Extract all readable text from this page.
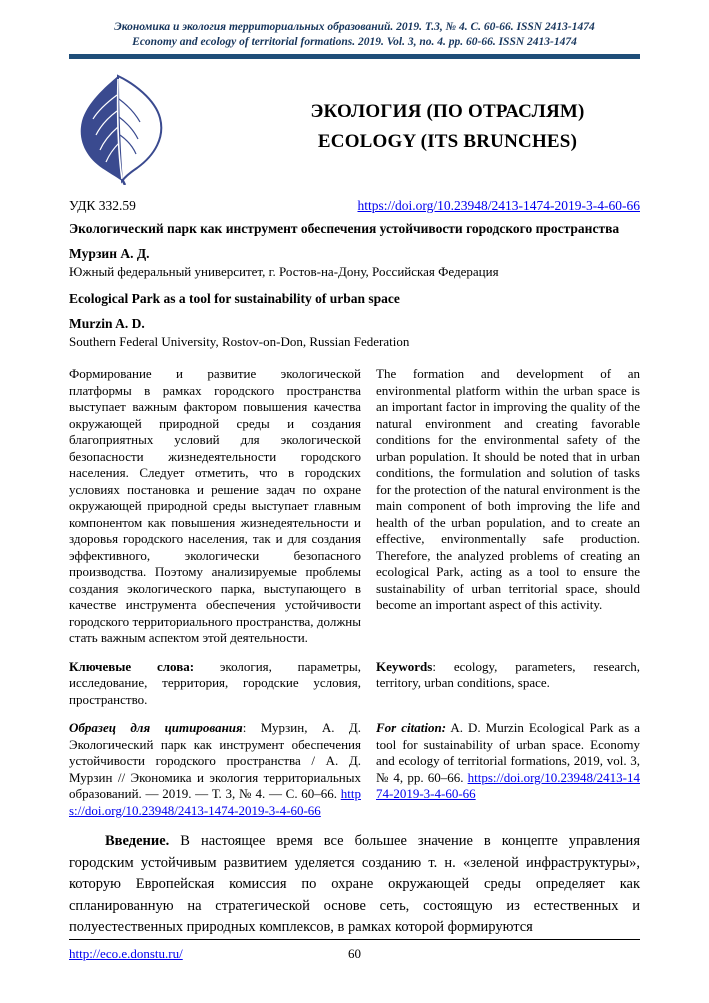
Экономика и экология территориальных образований. 2019. Т.3, № 4. С. 60-66. ISSN 2413-1474
Economy and ecology of territorial formations. 2019. Vol. 3, no. 4. pp. 60-66. ISSN 2413-1474
ЭКОЛОГИЯ (ПО ОТРАСЛЯМ)
ECOLOGY (ITS BRUNCHES)
УДК 332.59	https://doi.org/10.23948/2413-1474-2019-3-4-60-66
Экологический парк как инструмент обеспечения устойчивости городского пространства
Мурзин А. Д.
Южный федеральный университет, г. Ростов-на-Дону, Российская Федерация
Ecological Park as a tool for sustainability of urban space
Murzin A. D.
Southern Federal University, Rostov-on-Don, Russian Federation
Формирование и развитие экологической платформы в рамках городского пространства выступает важным фактором повышения качества окружающей природной среды и создания благоприятных условий для экологической безопасности жизнедеятельности городского населения. Следует отметить, что в городских условиях постановка и решение задач по охране окружающей природной среды выступает главным компонентом как повышения жизнедеятельности и здоровья городского населения, так и для создания эффективного, экологически безопасного производства. Поэтому анализируемые проблемы создания экологического парка, выступающего в качестве инструмента обеспечения устойчивости городского территориального пространства, должны стать важным аспектом этой деятельности.
The formation and development of an environmental platform within the urban space is an important factor in improving the quality of the natural environment and creating favorable conditions for the environmental safety of the urban population. It should be noted that in urban conditions, the formulation and solution of tasks for the protection of the natural environment is the main component of both improving the life and health of the urban population, and to create an effective, environmentally safe production. Therefore, the analyzed problems of creating an ecological Park, acting as a tool to ensure the sustainability of urban territorial space, should become an important aspect of this activity.
Ключевые слова: экология, параметры, исследование, территория, городские условия, пространство.
Keywords: ecology, parameters, research, territory, urban conditions, space.
Образец для цитирования: Мурзин, А. Д. Экологический парк как инструмент обеспечения устойчивости городского пространства / А. Д. Мурзин // Экономика и экология территориальных образований. — 2019. — Т. 3, № 4. — С. 60–66. https://doi.org/10.23948/2413-1474-2019-3-4-60-66
For citation: A. D. Murzin Ecological Park as a tool for sustainability of urban space. Economy and ecology of territorial formations, 2019, vol. 3, № 4, pp. 60–66. https://doi.org/10.23948/2413-1474-2019-3-4-60-66
Введение. В настоящее время все большее значение в концепте управления городским устойчивым развитием уделяется созданию т. н. «зеленой инфраструктуры», которую Европейская комиссия по охране окружающей среды определяет как спланированную на стратегической основе сеть, состоящую из естественных и полуестественных природных комплексов, в рамках которой формируются
http://eco.e.donstu.ru/	60
